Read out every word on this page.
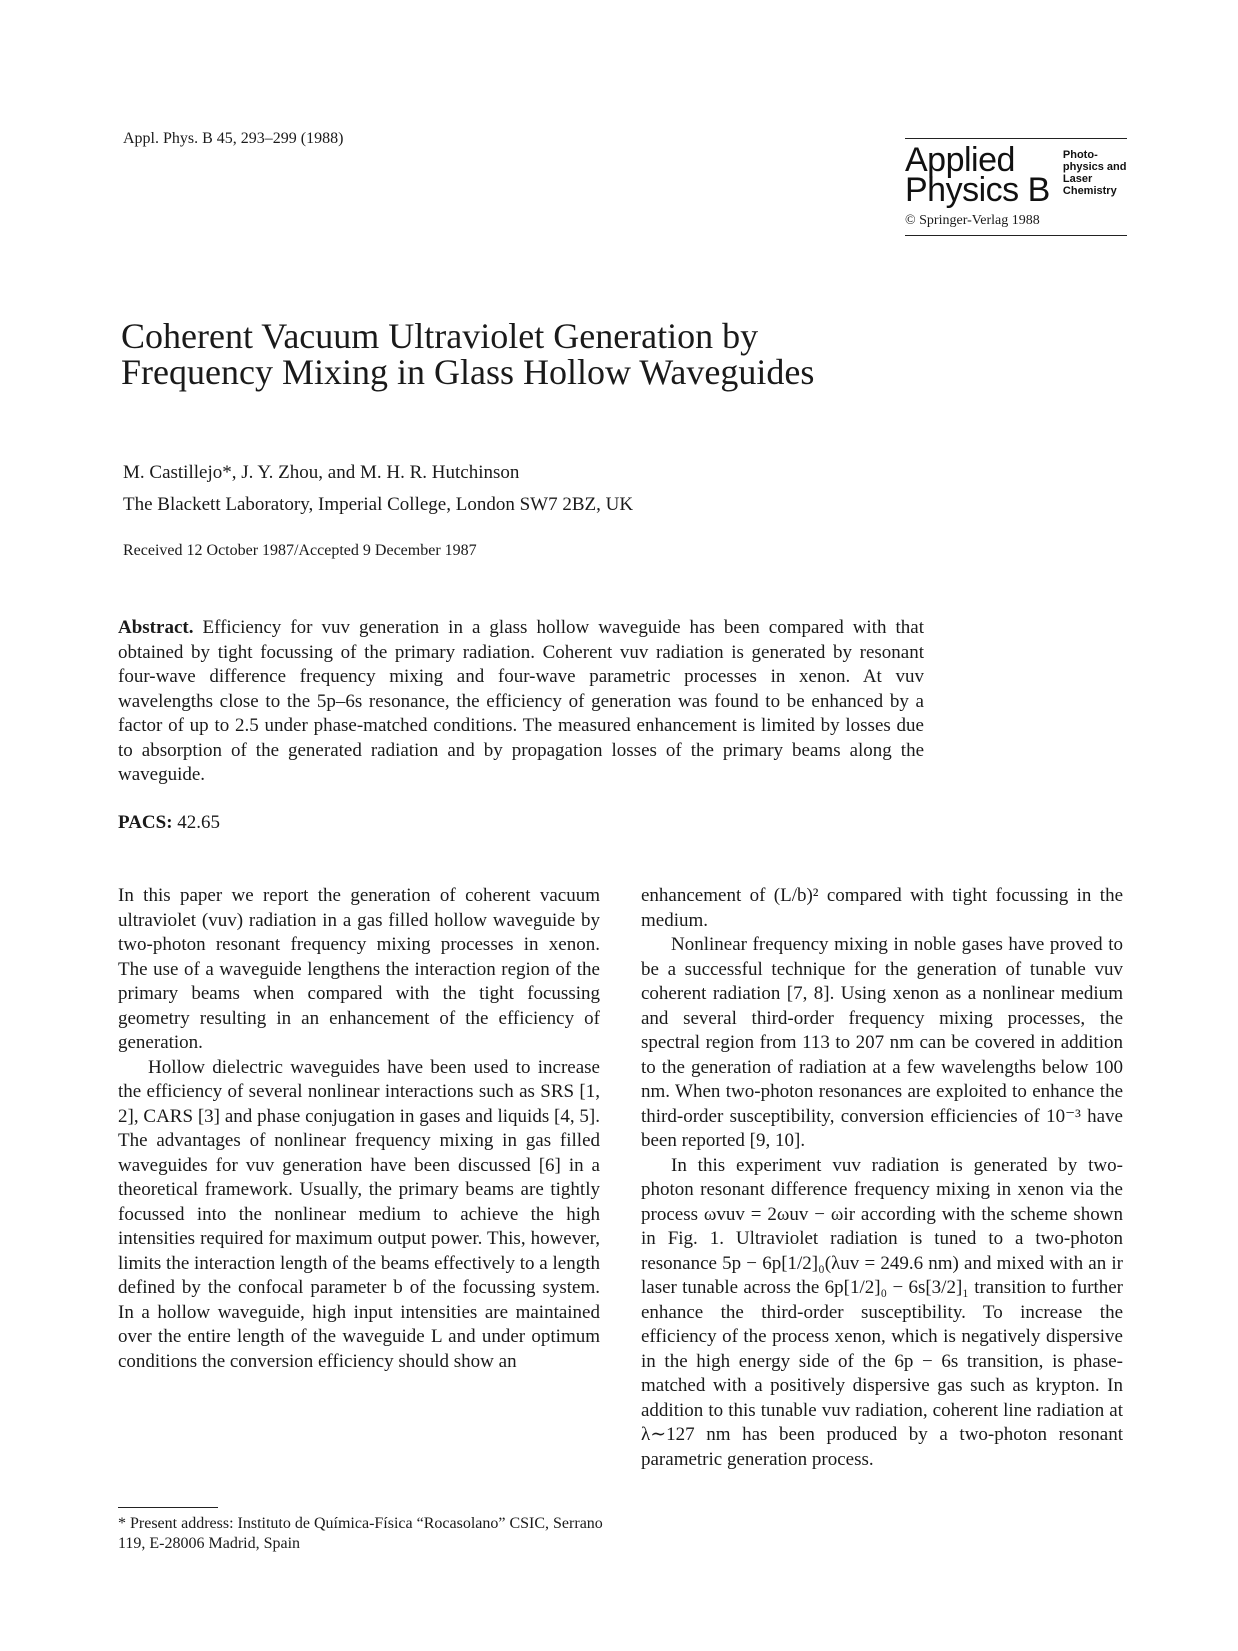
Appl. Phys. B 45, 293–299 (1988)
Applied
Physics B
Photo-physics and Laser Chemistry
© Springer-Verlag 1988
Coherent Vacuum Ultraviolet Generation by Frequency Mixing in Glass Hollow Waveguides
M. Castillejo*, J. Y. Zhou, and M. H. R. Hutchinson
The Blackett Laboratory, Imperial College, London SW7 2BZ, UK
Received 12 October 1987/Accepted 9 December 1987

Abstract. Efficiency for vuv generation in a glass hollow waveguide has been compared with that obtained by tight focussing of the primary radiation. Coherent vuv radiation is generated by resonant four-wave difference frequency mixing and four-wave parametric processes in xenon. At vuv wavelengths close to the 5p–6s resonance, the efficiency of generation was found to be enhanced by a factor of up to 2.5 under phase-matched conditions. The measured enhancement is limited by losses due to absorption of the generated radiation and by propagation losses of the primary beams along the waveguide.

PACS: 42.65

In this paper we report the generation of coherent vacuum ultraviolet (vuv) radiation in a gas filled hollow waveguide by two-photon resonant frequency mixing processes in xenon. The use of a waveguide lengthens the interaction region of the primary beams when compared with the tight focussing geometry resulting in an enhancement of the efficiency of generation.

Hollow dielectric waveguides have been used to increase the efficiency of several nonlinear interactions such as SRS [1, 2], CARS [3] and phase conjugation in gases and liquids [4, 5]. The advantages of nonlinear frequency mixing in gas filled waveguides for vuv generation have been discussed [6] in a theoretical framework. Usually, the primary beams are tightly focussed into the nonlinear medium to achieve the high intensities required for maximum output power. This, however, limits the interaction length of the beams effectively to a length defined by the confocal parameter b of the focussing system. In a hollow waveguide, high input intensities are maintained over the entire length of the waveguide L and under optimum conditions the conversion efficiency should show an

enhancement of (L/b)² compared with tight focussing in the medium.

Nonlinear frequency mixing in noble gases have proved to be a successful technique for the generation of tunable vuv coherent radiation [7, 8]. Using xenon as a nonlinear medium and several third-order frequency mixing processes, the spectral region from 113 to 207 nm can be covered in addition to the generation of radiation at a few wavelengths below 100 nm. When two-photon resonances are exploited to enhance the third-order susceptibility, conversion efficiencies of 10⁻³ have been reported [9, 10].

In this experiment vuv radiation is generated by two-photon resonant difference frequency mixing in xenon via the process ωvuv = 2ωuv − ωir according with the scheme shown in Fig. 1. Ultraviolet radiation is tuned to a two-photon resonance 5p − 6p[1/2]₀(λuv = 249.6 nm) and mixed with an ir laser tunable across the 6p[1/2]₀ − 6s[3/2]₁ transition to further enhance the third-order susceptibility. To increase the efficiency of the process xenon, which is negatively dispersive in the high energy side of the 6p − 6s transition, is phase-matched with a positively dispersive gas such as krypton. In addition to this tunable vuv radiation, coherent line radiation at λ∼127 nm has been produced by a two-photon resonant parametric generation process.

* Present address: Instituto de Química-Física “Rocasolano” CSIC, Serrano 119, E-28006 Madrid, Spain
